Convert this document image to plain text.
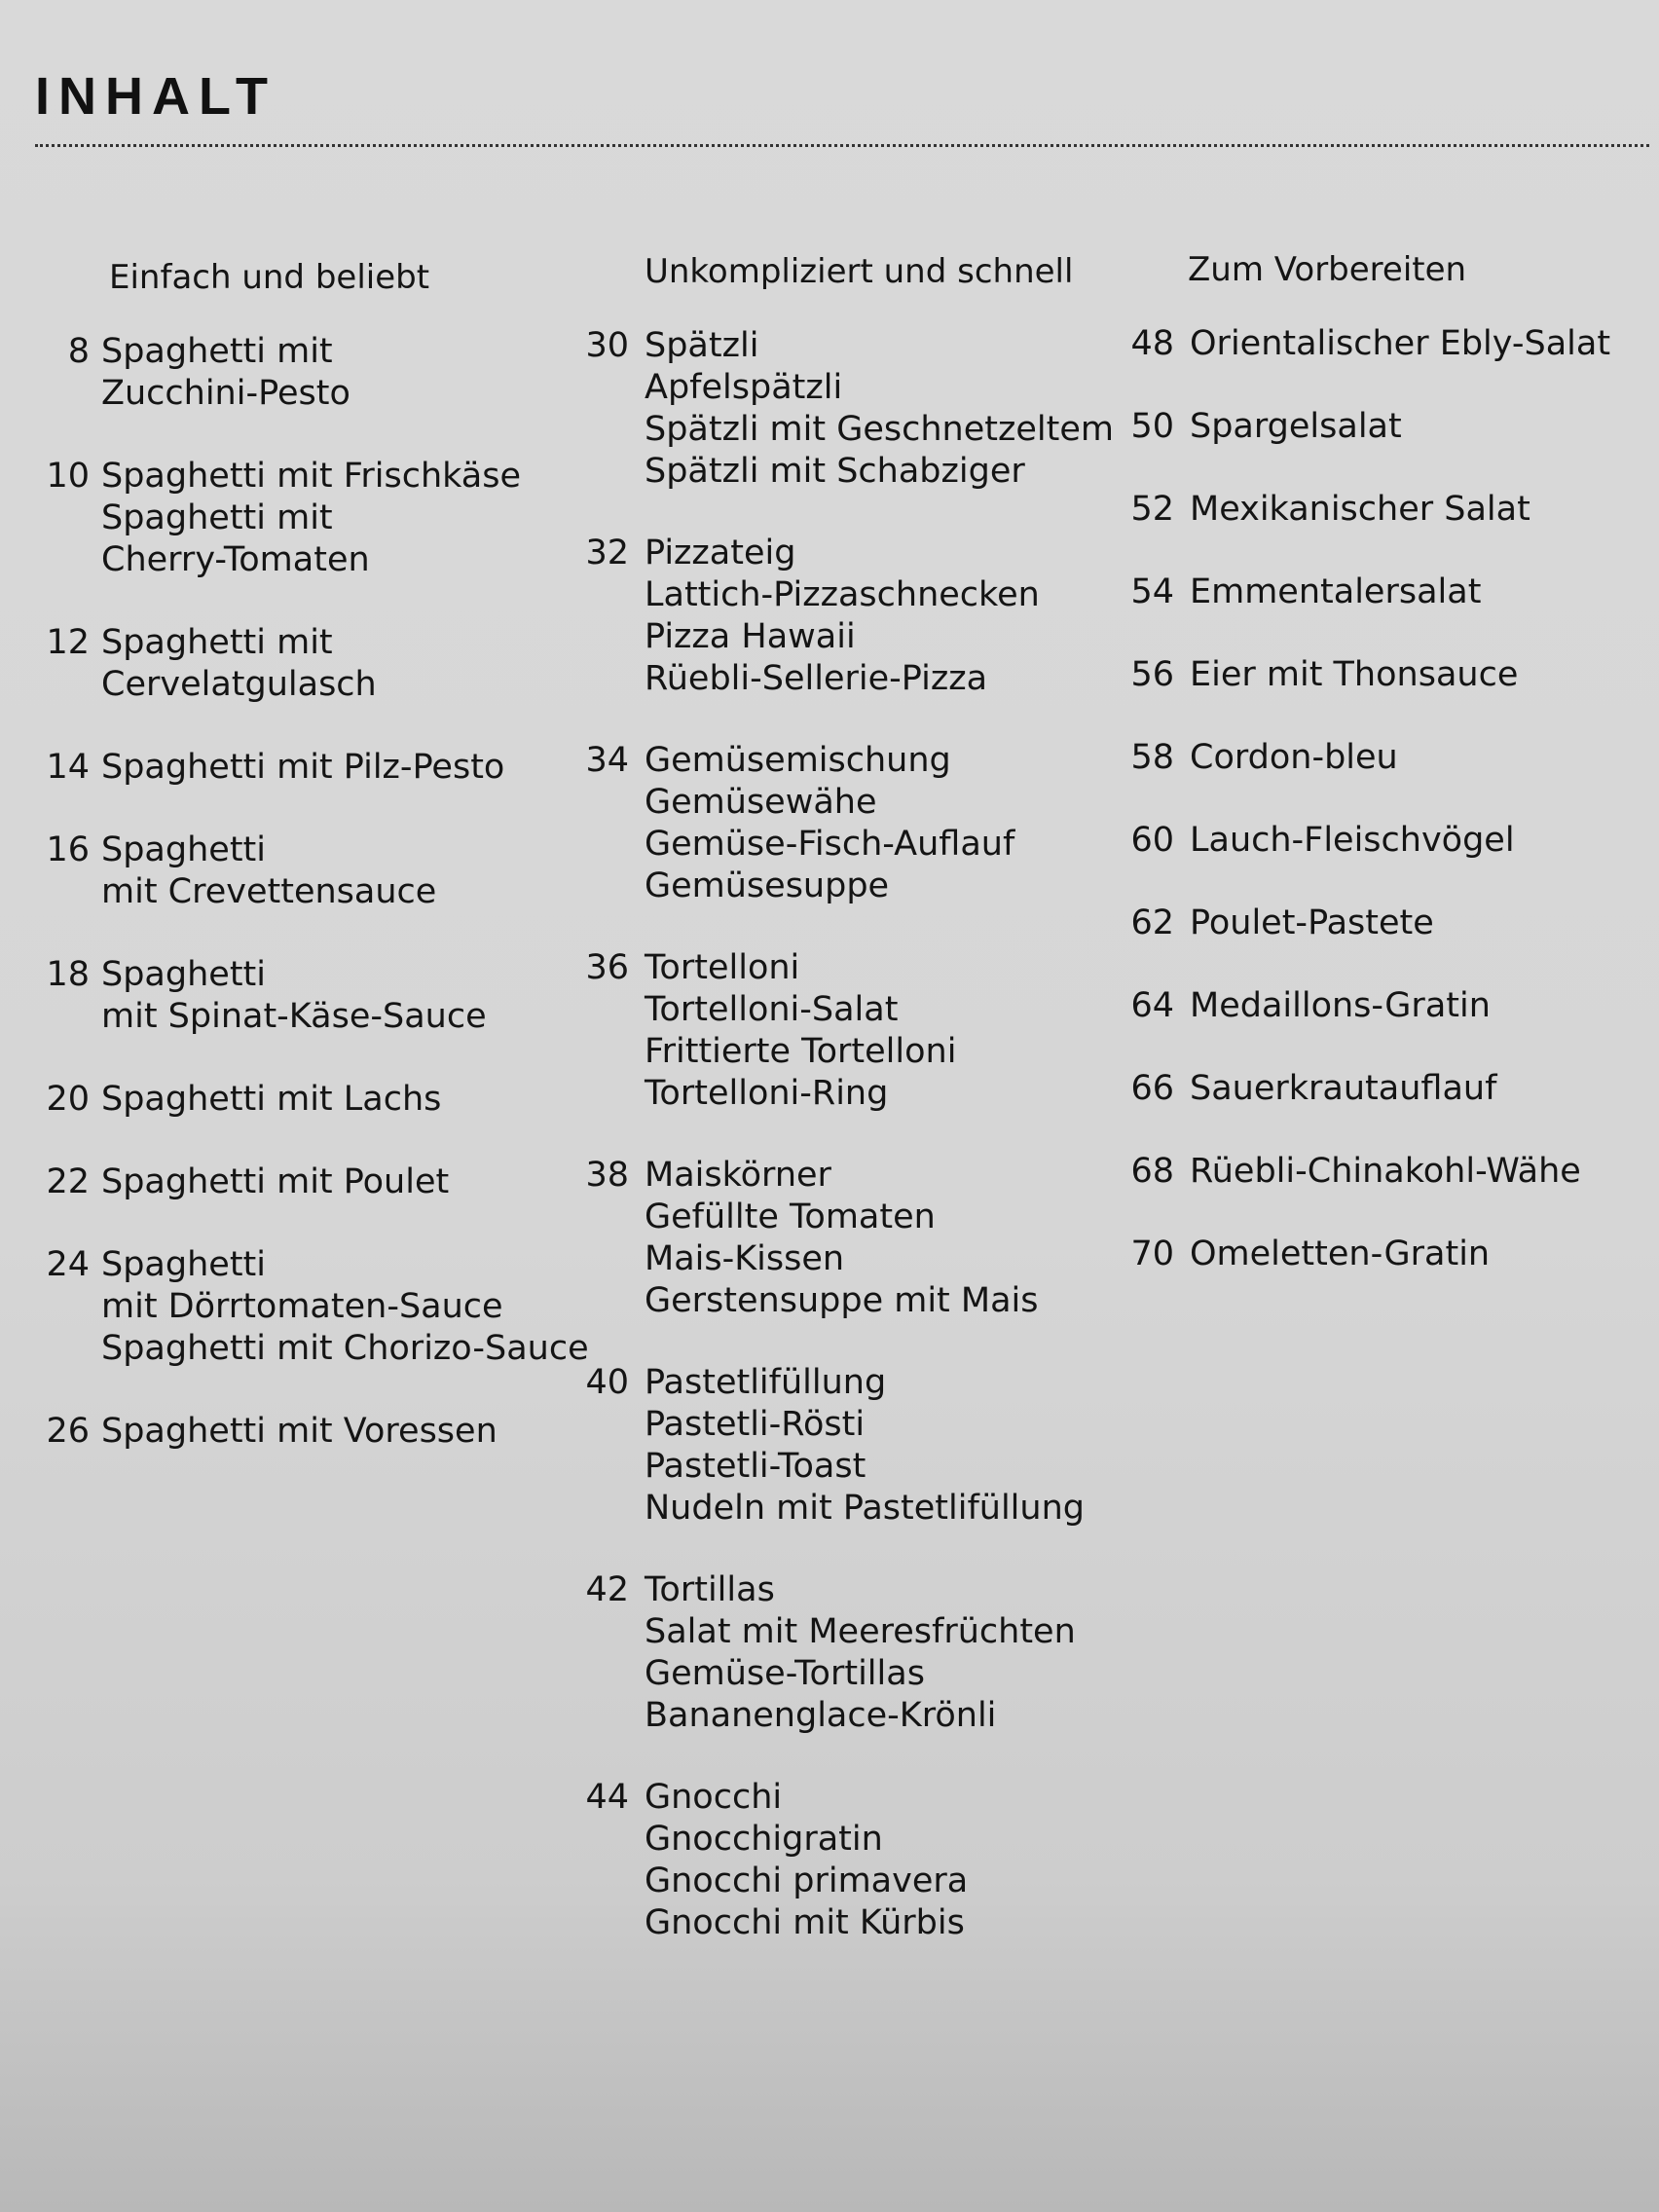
INHALT
Einfach und beliebt
8 Spaghetti mit
Zucchini-Pesto
10 Spaghetti mit Frischkäse
Spaghetti mit
Cherry-Tomaten
12 Spaghetti mit
Cervelatgulasch
14 Spaghetti mit Pilz-Pesto
16 Spaghetti
mit Crevettensauce
18 Spaghetti
mit Spinat-Käse-Sauce
20 Spaghetti mit Lachs
22 Spaghetti mit Poulet
24 Spaghetti
mit Dörrtomaten-Sauce
Spaghetti mit Chorizo-Sauce
26 Spaghetti mit Voressen
Unkompliziert und schnell
30 Spätzli
Apfelspätzli
Spätzli mit Geschnetzeltem
Spätzli mit Schabziger
32 Pizzateig
Lattich-Pizzaschnecken
Pizza Hawaii
Rüebli-Sellerie-Pizza
34 Gemüsemischung
Gemüsewähe
Gemüse-Fisch-Auflauf
Gemüsesuppe
36 Tortelloni
Tortelloni-Salat
Frittierte Tortelloni
Tortelloni-Ring
38 Maiskörner
Gefüllte Tomaten
Mais-Kissen
Gerstensuppe mit Mais
40 Pastetlifüllung
Pastetli-Rösti
Pastetli-Toast
Nudeln mit Pastetlifüllung
42 Tortillas
Salat mit Meeresfrüchten
Gemüse-Tortillas
Bananenglace-Krönli
44 Gnocchi
Gnocchigratin
Gnocchi primavera
Gnocchi mit Kürbis
Zum Vorbereiten
48 Orientalischer Ebly-Salat
50 Spargelsalat
52 Mexikanischer Salat
54 Emmentalersalat
56 Eier mit Thonsauce
58 Cordon-bleu
60 Lauch-Fleischvögel
62 Poulet-Pastete
64 Medaillons-Gratin
66 Sauerkrautauflauf
68 Rüebli-Chinakohl-Wähe
70 Omeletten-Gratin
